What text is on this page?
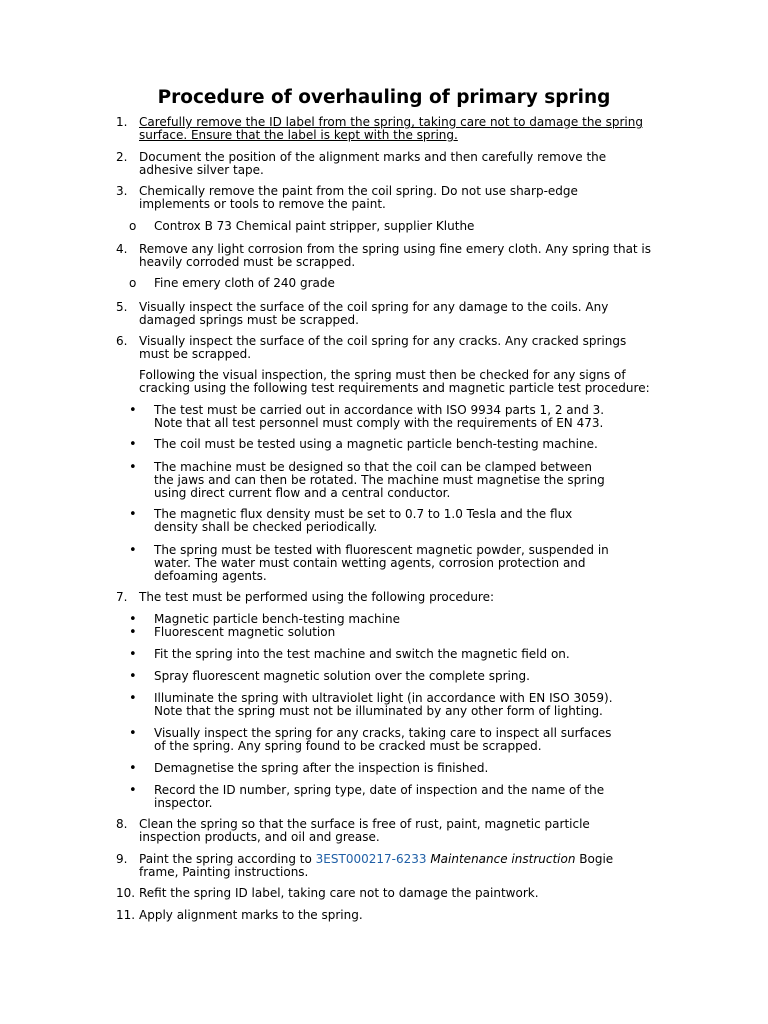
Procedure of overhauling of primary spring
1. Carefully remove the ID label from the spring, taking care not to damage the spring
surface. Ensure that the label is kept with the spring.
2. Document the position of the alignment marks and then carefully remove the
adhesive silver tape.
3. Chemically remove the paint from the coil spring. Do not use sharp-edge
implements or tools to remove the paint.
o	Controx B 73 Chemical paint stripper, supplier Kluthe
4. Remove any light corrosion from the spring using fine emery cloth. Any spring that is
heavily corroded must be scrapped.
o	Fine emery cloth of 240 grade
5. Visually inspect the surface of the coil spring for any damage to the coils. Any
damaged springs must be scrapped.
6. Visually inspect the surface of the coil spring for any cracks. Any cracked springs
must be scrapped.
Following the visual inspection, the spring must then be checked for any signs of
cracking using the following test requirements and magnetic particle test procedure:
•	The test must be carried out in accordance with ISO 9934 parts 1, 2 and 3.
Note that all test personnel must comply with the requirements of EN 473.
•	The coil must be tested using a magnetic particle bench-testing machine.
•	The machine must be designed so that the coil can be clamped between
the jaws and can then be rotated. The machine must magnetise the spring
using direct current flow and a central conductor.
•	The magnetic flux density must be set to 0.7 to 1.0 Tesla and the flux
density shall be checked periodically.
•	The spring must be tested with fluorescent magnetic powder, suspended in
water. The water must contain wetting agents, corrosion protection and
defoaming agents.
7. The test must be performed using the following procedure:
•	Magnetic particle bench-testing machine
•	Fluorescent magnetic solution
•	Fit the spring into the test machine and switch the magnetic field on.
•	Spray fluorescent magnetic solution over the complete spring.
•	Illuminate the spring with ultraviolet light (in accordance with EN ISO 3059).
Note that the spring must not be illuminated by any other form of lighting.
•	Visually inspect the spring for any cracks, taking care to inspect all surfaces
of the spring. Any spring found to be cracked must be scrapped.
•	Demagnetise the spring after the inspection is finished.
•	Record the ID number, spring type, date of inspection and the name of the
inspector.
8. Clean the spring so that the surface is free of rust, paint, magnetic particle
inspection products, and oil and grease.
9. Paint the spring according to 3EST000217-6233 Maintenance instruction Bogie
frame, Painting instructions.
10. Refit the spring ID label, taking care not to damage the paintwork.
11. Apply alignment marks to the spring.
